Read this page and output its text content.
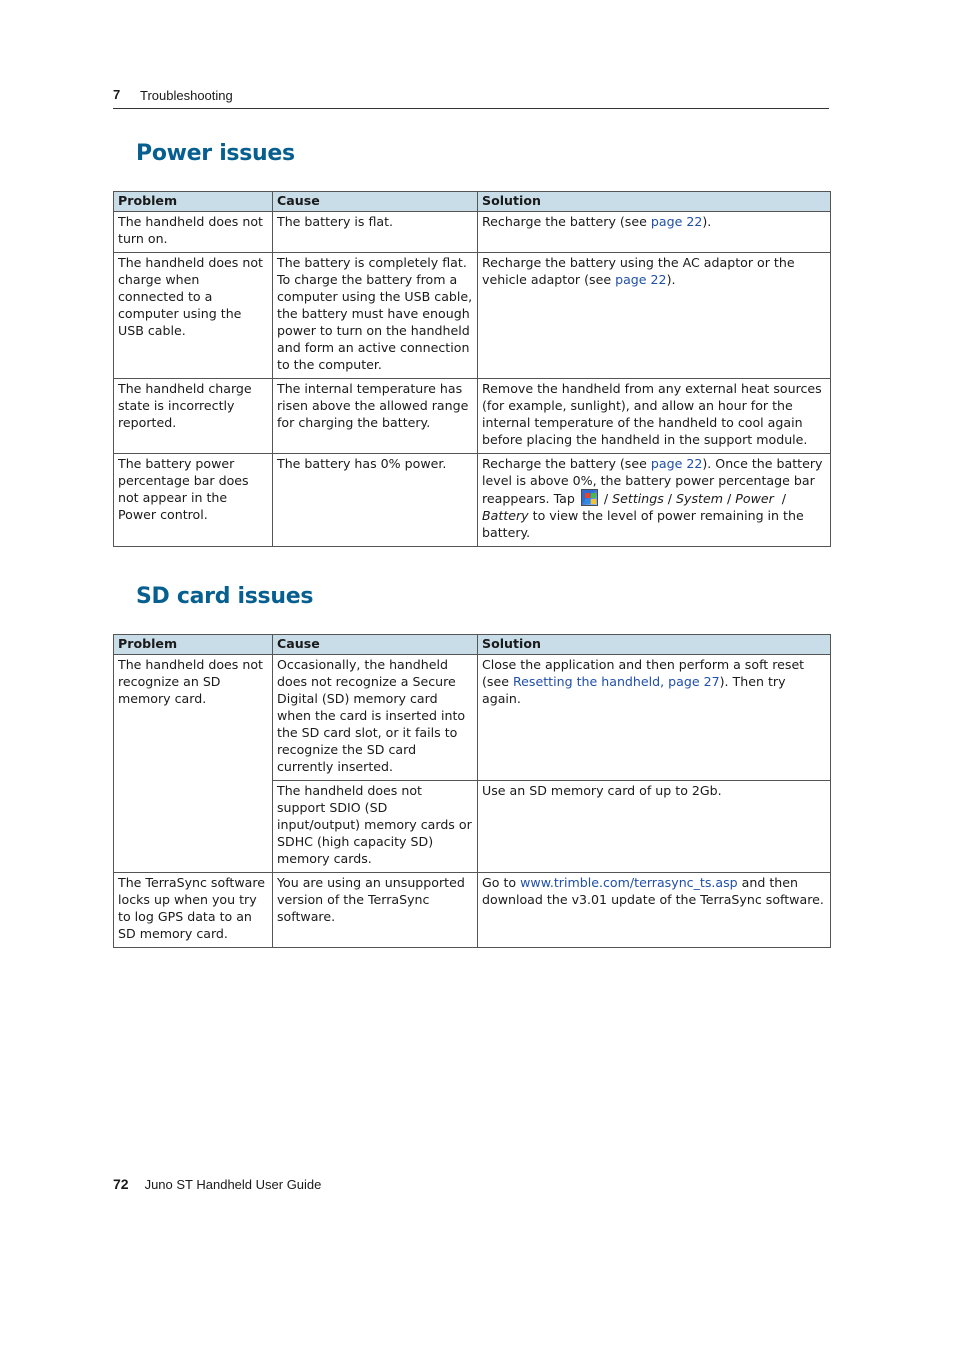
7 Troubleshooting
Power issues
Problem	Cause	Solution
The handheld does not turn on.	The battery is flat.	Recharge the battery (see page 22).
The handheld does not charge when connected to a computer using the USB cable.	The battery is completely flat. To charge the battery from a computer using the USB cable, the battery must have enough power to turn on the handheld and form an active connection to the computer.	Recharge the battery using the AC adaptor or the vehicle adaptor (see page 22).
The handheld charge state is incorrectly reported.	The internal temperature has risen above the allowed range for charging the battery.	Remove the handheld from any external heat sources (for example, sunlight), and allow an hour for the internal temperature of the handheld to cool again before placing the handheld in the support module.
The battery power percentage bar does not appear in the Power control.	The battery has 0% power.	Recharge the battery (see page 22). Once the battery level is above 0%, the battery power percentage bar reappears. Tap
/ Settings / System / Power  /  Battery to view the level of power remaining in the battery.
SD card issues
Problem	Cause	Solution
The handheld does not recognize an SD memory card.	Occasionally, the handheld does not recognize a Secure Digital (SD) memory card when the card is inserted into the SD card slot, or it fails to recognize the SD card currently inserted.	Close the application and then perform a soft reset (see Resetting the handheld, page 27). Then try again.
	The handheld does not support SDIO (SD input/output) memory cards or SDHC (high capacity SD) memory cards.	Use an SD memory card of up to 2Gb.
The TerraSync software locks up when you try to log GPS data to an SD memory card.	You are using an unsupported version of the TerraSync software.	Go to www.trimble.com/terrasync_ts.asp and then download the v3.01 update of the TerraSync software.
72 Juno ST Handheld User Guide
